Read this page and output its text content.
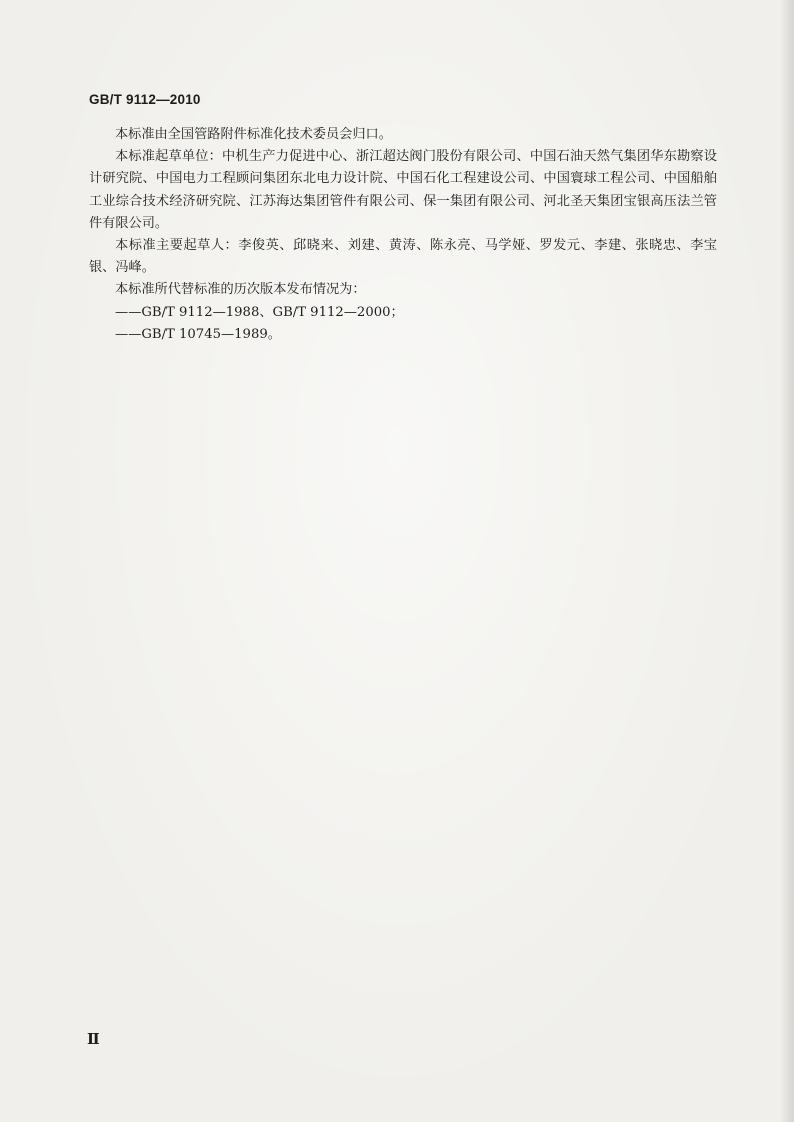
GB/T 9112—2010

本标准由全国管路附件标准化技术委员会归口。

本标准起草单位：中机生产力促进中心、浙江超达阀门股份有限公司、中国石油天然气集团华东勘察设计研究院、中国电力工程顾问集团东北电力设计院、中国石化工程建设公司、中国寰球工程公司、中国船舶工业综合技术经济研究院、江苏海达集团管件有限公司、保一集团有限公司、河北圣天集团宝银高压法兰管件有限公司。

本标准主要起草人：李俊英、邱晓来、刘建、黄涛、陈永亮、马学娅、罗发元、李建、张晓忠、李宝银、冯峰。

本标准所代替标准的历次版本发布情况为：

——GB/T 9112—1988、GB/T 9112—2000；

——GB/T 10745—1989。

Ⅱ
